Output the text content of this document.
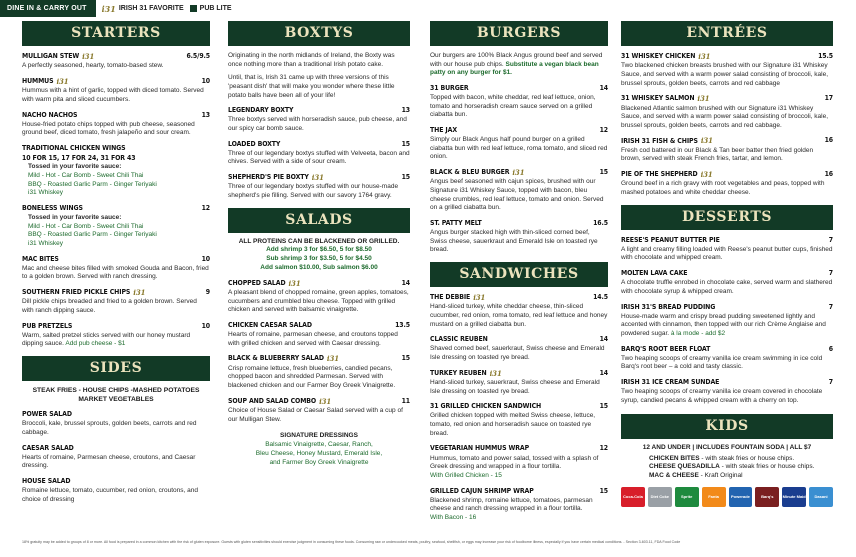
DINE IN & CARRY OUT	i31 IRISH 31 FAVORITE PUB LITE
STARTERS
MULLIGAN STEW i31	6.5/9.5
A perfectly seasoned, hearty, tomato-based stew.
HUMMUS i31	10
Hummus with a hint of garlic, topped with diced tomato. Served with warm pita and sliced cucumbers.
NACHO NACHOS	13
House-fried potato chips topped with pub cheese, seasoned ground beef, diced tomato, fresh jalapeño and sour cream.
TRADITIONAL CHICKEN WINGS
10 FOR 15, 17 FOR 24, 31 FOR 43
Tossed in your favorite sauce:
Mild - Hot - Car Bomb - Sweet Chili Thai
BBQ - Roasted Garlic Parm - Ginger Teriyaki
i31 Whiskey
BONELESS WINGS	12
Tossed in your favorite sauce:
Mild - Hot - Car Bomb - Sweet Chili Thai
BBQ - Roasted Garlic Parm - Ginger Teriyaki
i31 Whiskey
MAC BITES	10
Mac and cheese bites filled with smoked Gouda and Bacon, fried to a golden brown. Served with ranch dressing.
SOUTHERN FRIED PICKLE CHIPS i31	9
Dill pickle chips breaded and fried to a golden brown. Served with ranch dipping sauce.
PUB PRETZELS	10
Warm, salted pretzel sticks served with our honey mustard dipping sauce. Add pub cheese - $1
SIDES
STEAK FRIES - HOUSE CHIPS -MASHED POTATOES
MARKET VEGETABLES
POWER SALAD
Broccoli, kale, brussel sprouts, golden beets, carrots and red cabbage.
CAESAR SALAD
Hearts of romaine, Parmesan cheese, croutons, and Caesar dressing.
HOUSE SALAD
Romaine lettuce, tomato, cucumber, red onion, croutons, and choice of dressing
BOXTYS
Originating in the north midlands of Ireland, the Boxty was once nothing more than a traditional Irish potato cake.
Until, that is, Irish 31 came up with three versions of this 'peasant dish' that will make you wonder where these little potato balls have been all of your life!
LEGENDARY BOXTY	13
Three boxtys served with horseradish sauce, pub cheese, and our spicy car bomb sauce.
LOADED BOXTY	15
Three of our legendary boxtys stuffed with Velveeta, bacon and chives. Served with a side of sour cream.
SHEPHERD'S PIE BOXTY i31	15
Three of our legendary boxtys stuffed with our house-made shepherd's pie filling. Served with our savory 1764 gravy.
SALADS
ALL PROTEINS CAN BE BLACKENED OR GRILLED.
Add shrimp 3 for $6.50, 5 for $8.50
Sub shrimp 3 for $3.50, 5 for $4.50
Add salmon $10.00, Sub salmon $6.00
CHOPPED SALAD i31	14
A pleasant blend of chopped romaine, green apples, tomatoes, cucumbers and crumbled bleu cheese. Topped with grilled chicken and served with balsamic vinaigrette.
CHICKEN CAESAR SALAD	13.5
Hearts of romaine, parmesan cheese, and croutons topped with grilled chicken and served with Caesar dressing.
BLACK & BLUEBERRY SALAD i31	15
Crisp romaine lettuce, fresh blueberries, candied pecans, chopped bacon and shredded Parmesan. Served with blackened chicken and our Farmer Boy Greek Vinaigrette.
SOUP AND SALAD COMBO i31	11
Choice of House Salad or Caesar Salad served with a cup of our Mulligan Stew.
SIGNATURE DRESSINGS
Balsamic Vinaigrette, Caesar, Ranch,
Bleu Cheese, Honey Mustard, Emerald Isle,
and Farmer Boy Greek Vinaigrette
BURGERS
Our burgers are 100% Black Angus ground beef and served with our house pub chips. Substitute a vegan black bean patty on any burger for $1.
31 BURGER	14
Topped with bacon, white cheddar, red leaf lettuce, onion, tomato and horseradish cream sauce served on a grilled ciabatta bun.
THE JAX	12
Simply our Black Angus half pound burger on a grilled ciabatta bun with red leaf lettuce, roma tomato, and sliced red onion.
BLACK & BLEU BURGER i31	15
Angus beef seasoned with cajun spices, brushed with our Signature i31 Whiskey Sauce, topped with bacon, bleu cheese crumbles, red leaf lettuce, tomato and onion. Served on a grilled ciabatta bun.
ST. PATTY MELT	16.5
Angus burger stacked high with thin-sliced corned beef, Swiss cheese, sauerkraut and Emerald Isle on toasted rye bread.
SANDWICHES
THE DEBBIE i31	14.5
Hand-sliced turkey, white cheddar cheese, thin-sliced cucumber, red onion, roma tomato, red leaf lettuce and honey mustard on a grilled ciabatta bun.
CLASSIC REUBEN	14
Shaved corned beef, sauerkraut, Swiss cheese and Emerald Isle dressing on toasted rye bread.
TURKEY REUBEN i31	14
Hand-sliced turkey, sauerkraut, Swiss cheese and Emerald Isle dressing on toasted rye bread.
31 GRILLED CHICKEN SANDWICH	15
Grilled chicken topped with melted Swiss cheese, lettuce, tomato, red onion and horseradish sauce on toasted rye bread.
VEGETARIAN HUMMUS WRAP	12
Hummus, tomato and power salad, tossed with a splash of Greek dressing and wrapped in a flour tortilla.
With Grilled Chicken - 15
GRILLED CAJUN SHRIMP WRAP	15
Blackened shrimp, romaine lettuce, tomatoes, parmesan cheese and ranch dressing wrapped in a flour tortilla.
With Bacon - 16
ENTRÉES
31 WHISKEY CHICKEN i31	15.5
Two blackened chicken breasts brushed with our Signature i31 Whiskey Sauce, and served with a warm power salad consisting of broccoli, kale, brussel sprouts, golden beets, carrots and red cabbage
31 WHISKEY SALMON i31	17
Blackened Atlantic salmon brushed with our Signature i31 Whiskey Sauce, and served with a warm power salad consisting of broccoli, kale, brussel sprouts, golden beets, carrots and red cabbage.
IRISH 31 FISH & CHIPS i31	16
Fresh cod battered in our Black & Tan beer batter then fried golden brown, served with steak French fries, tartar, and lemon.
PIE OF THE SHEPHERD i31	16
Ground beef in a rich gravy with root vegetables and peas, topped with mashed potatoes and white cheddar cheese.
DESSERTS
REESE'S PEANUT BUTTER PIE	7
A light and creamy filling loaded with Reese's peanut butter cups, finished with chocolate and whipped cream.
MOLTEN LAVA CAKE	7
A chocolate truffle enrobed in chocolate cake, served warm and slathered with chocolate syrup & whipped cream.
IRISH 31'S BREAD PUDDING	7
House-made warm and crispy bread pudding sweetened lightly and accented with cinnamon, then topped with our rich Crème Anglaise and powdered sugar. à la mode - add $2
BARQ'S ROOT BEER FLOAT	6
Two heaping scoops of creamy vanilla ice cream swimming in ice cold Barq's root beer – a cold and tasty classic.
IRISH 31 ICE CREAM SUNDAE	7
Two heaping scoops of creamy vanilla ice cream covered in chocolate syrup, candied pecans & whipped cream with a cherry on top.
KIDS
12 AND UNDER | INCLUDES FOUNTAIN SODA | ALL $7
CHICKEN BITES - with steak fries or house chips.
CHEESE QUESADILLA - with steak fries or house chips.
MAC & CHEESE - Kraft Original
Coca-Cola	Diet Coke	Sprite	Fanta	Powerade	Barq's	Minute Maid	Dasani
18% gratuity may be added to groups of 8 or more. All food is prepared in a common kitchen with the risk of gluten exposure. Guests with gluten sensitivities should exercise judgment in consuming these foods. Consuming raw or undercooked meats, poultry, seafood, shellfish, or eggs may increase your risk of foodborne illness, especially if you have certain medical conditions. - Section 3-603.11, FDA Food Code
